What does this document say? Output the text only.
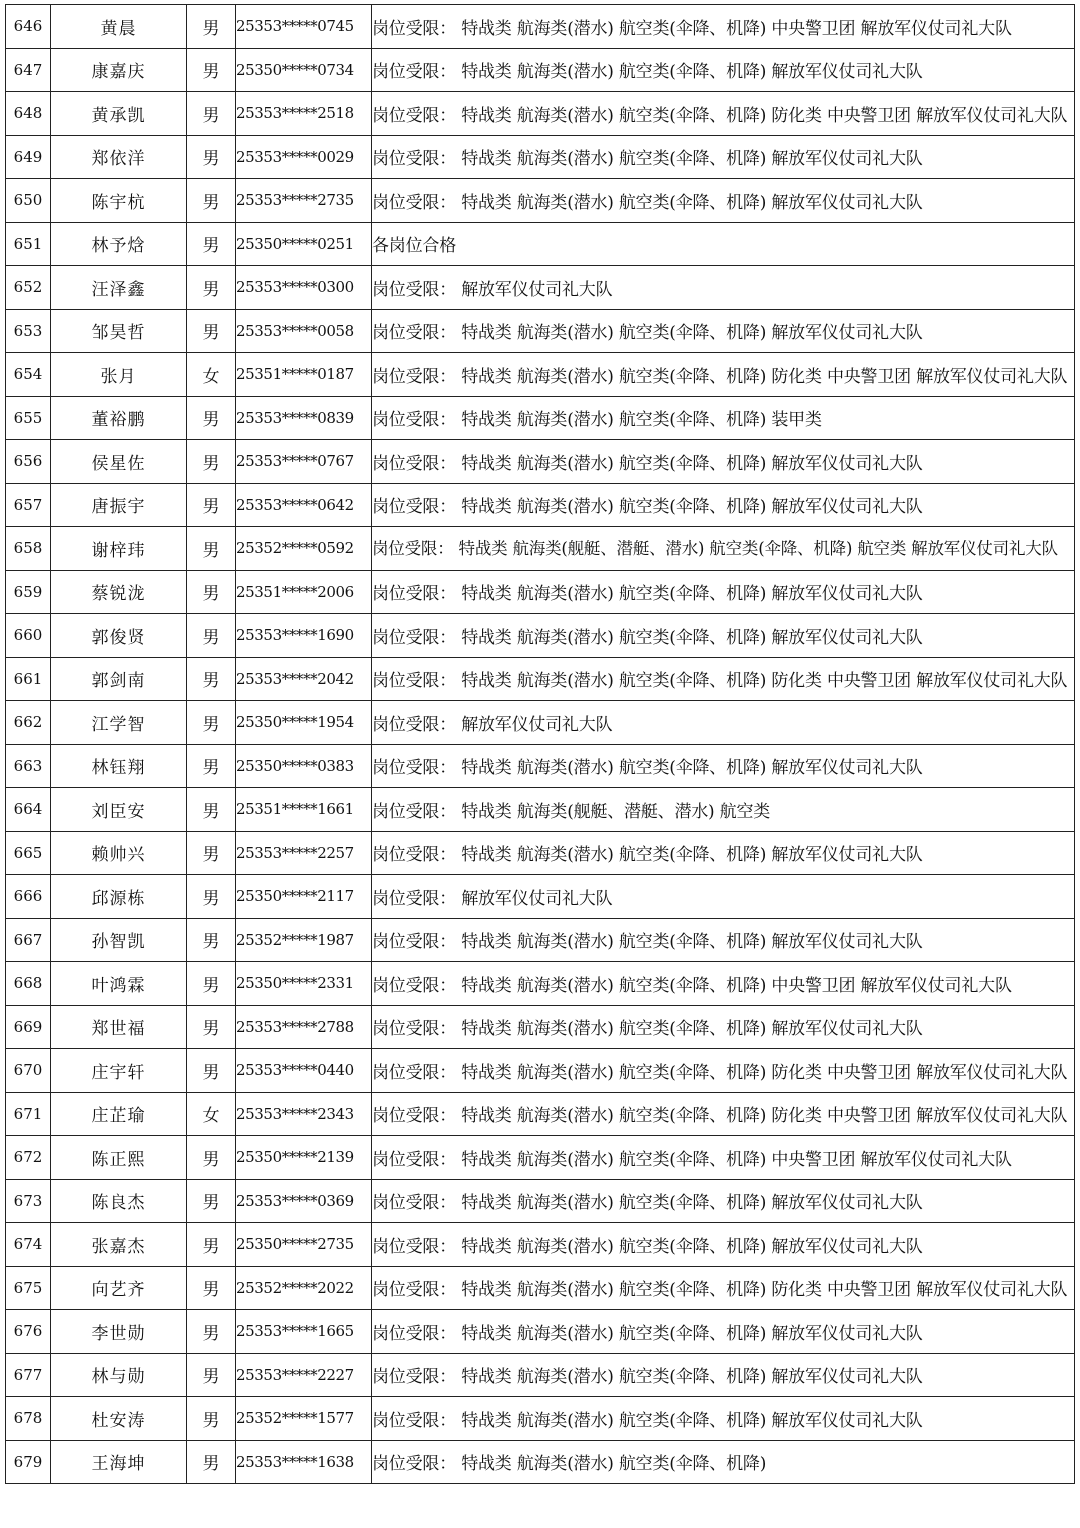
646	黄晨	男	25353*****0745	岗位受限： 特战类 航海类(潜水) 航空类(伞降、机降) 中央警卫团 解放军仪仗司礼大队
647	康嘉庆	男	25350*****0734	岗位受限： 特战类 航海类(潜水) 航空类(伞降、机降) 解放军仪仗司礼大队
648	黄承凯	男	25353*****2518	岗位受限： 特战类 航海类(潜水) 航空类(伞降、机降) 防化类 中央警卫团 解放军仪仗司礼大队
649	郑依洋	男	25353*****0029	岗位受限： 特战类 航海类(潜水) 航空类(伞降、机降) 解放军仪仗司礼大队
650	陈宇杭	男	25353*****2735	岗位受限： 特战类 航海类(潜水) 航空类(伞降、机降) 解放军仪仗司礼大队
651	林予焓	男	25350*****0251	各岗位合格
652	汪泽鑫	男	25353*****0300	岗位受限： 解放军仪仗司礼大队
653	邹昊哲	男	25353*****0058	岗位受限： 特战类 航海类(潜水) 航空类(伞降、机降) 解放军仪仗司礼大队
654	张月	女	25351*****0187	岗位受限： 特战类 航海类(潜水) 航空类(伞降、机降) 防化类 中央警卫团 解放军仪仗司礼大队
655	董裕鹏	男	25353*****0839	岗位受限： 特战类 航海类(潜水) 航空类(伞降、机降) 装甲类
656	侯星佐	男	25353*****0767	岗位受限： 特战类 航海类(潜水) 航空类(伞降、机降) 解放军仪仗司礼大队
657	唐振宇	男	25353*****0642	岗位受限： 特战类 航海类(潜水) 航空类(伞降、机降) 解放军仪仗司礼大队
658	谢梓玮	男	25352*****0592	岗位受限： 特战类 航海类(舰艇、潜艇、潜水) 航空类(伞降、机降) 航空类 解放军仪仗司礼大队
659	蔡锐泷	男	25351*****2006	岗位受限： 特战类 航海类(潜水) 航空类(伞降、机降) 解放军仪仗司礼大队
660	郭俊贤	男	25353*****1690	岗位受限： 特战类 航海类(潜水) 航空类(伞降、机降) 解放军仪仗司礼大队
661	郭剑南	男	25353*****2042	岗位受限： 特战类 航海类(潜水) 航空类(伞降、机降) 防化类 中央警卫团 解放军仪仗司礼大队
662	江学智	男	25350*****1954	岗位受限： 解放军仪仗司礼大队
663	林钰翔	男	25350*****0383	岗位受限： 特战类 航海类(潜水) 航空类(伞降、机降) 解放军仪仗司礼大队
664	刘臣安	男	25351*****1661	岗位受限： 特战类 航海类(舰艇、潜艇、潜水) 航空类
665	赖帅兴	男	25353*****2257	岗位受限： 特战类 航海类(潜水) 航空类(伞降、机降) 解放军仪仗司礼大队
666	邱源栋	男	25350*****2117	岗位受限： 解放军仪仗司礼大队
667	孙智凯	男	25352*****1987	岗位受限： 特战类 航海类(潜水) 航空类(伞降、机降) 解放军仪仗司礼大队
668	叶鸿霖	男	25350*****2331	岗位受限： 特战类 航海类(潜水) 航空类(伞降、机降) 中央警卫团 解放军仪仗司礼大队
669	郑世福	男	25353*****2788	岗位受限： 特战类 航海类(潜水) 航空类(伞降、机降) 解放军仪仗司礼大队
670	庄宇轩	男	25353*****0440	岗位受限： 特战类 航海类(潜水) 航空类(伞降、机降) 防化类 中央警卫团 解放军仪仗司礼大队
671	庄芷瑜	女	25353*****2343	岗位受限： 特战类 航海类(潜水) 航空类(伞降、机降) 防化类 中央警卫团 解放军仪仗司礼大队
672	陈正熙	男	25350*****2139	岗位受限： 特战类 航海类(潜水) 航空类(伞降、机降) 中央警卫团 解放军仪仗司礼大队
673	陈良杰	男	25353*****0369	岗位受限： 特战类 航海类(潜水) 航空类(伞降、机降) 解放军仪仗司礼大队
674	张嘉杰	男	25350*****2735	岗位受限： 特战类 航海类(潜水) 航空类(伞降、机降) 解放军仪仗司礼大队
675	向艺齐	男	25352*****2022	岗位受限： 特战类 航海类(潜水) 航空类(伞降、机降) 防化类 中央警卫团 解放军仪仗司礼大队
676	李世勋	男	25353*****1665	岗位受限： 特战类 航海类(潜水) 航空类(伞降、机降) 解放军仪仗司礼大队
677	林与勋	男	25353*****2227	岗位受限： 特战类 航海类(潜水) 航空类(伞降、机降) 解放军仪仗司礼大队
678	杜安涛	男	25352*****1577	岗位受限： 特战类 航海类(潜水) 航空类(伞降、机降) 解放军仪仗司礼大队
679	王海坤	男	25353*****1638	岗位受限： 特战类 航海类(潜水) 航空类(伞降、机降)
